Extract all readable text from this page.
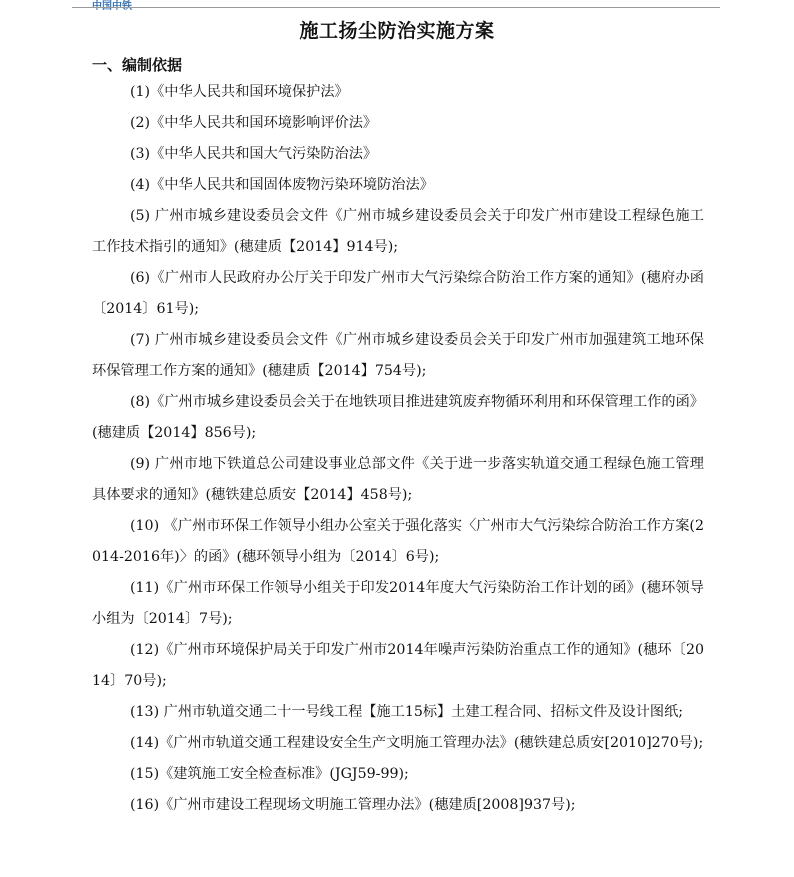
中国中铁
施工扬尘防治实施方案
一、编制依据
(1)《中华人民共和国环境保护法》
(2)《中华人民共和国环境影响评价法》
(3)《中华人民共和国大气污染防治法》
(4)《中华人民共和国固体废物污染环境防治法》
(5) 广州市城乡建设委员会文件《广州市城乡建设委员会关于印发广州市建设工程绿色施工工作技术指引的通知》(穗建质【2014】914号);
(6)《广州市人民政府办公厅关于印发广州市大气污染综合防治工作方案的通知》(穗府办函〔2014〕61号);
(7) 广州市城乡建设委员会文件《广州市城乡建设委员会关于印发广州市加强建筑工地环保环保管理工作方案的通知》(穗建质【2014】754号);
(8)《广州市城乡建设委员会关于在地铁项目推进建筑废弃物循环利用和环保管理工作的函》(穗建质【2014】856号);
(9) 广州市地下铁道总公司建设事业总部文件《关于进一步落实轨道交通工程绿色施工管理具体要求的通知》(穗铁建总质安【2014】458号);
(10) 《广州市环保工作领导小组办公室关于强化落实〈广州市大气污染综合防治工作方案(2014-2016年)〉的函》(穗环领导小组为〔2014〕6号);
(11)《广州市环保工作领导小组关于印发2014年度大气污染防治工作计划的函》(穗环领导小组为〔2014〕7号);
(12)《广州市环境保护局关于印发广州市2014年噪声污染防治重点工作的通知》(穗环〔2014〕70号);
(13) 广州市轨道交通二十一号线工程【施工15标】土建工程合同、招标文件及设计图纸;
(14)《广州市轨道交通工程建设安全生产文明施工管理办法》(穗铁建总质安[2010]270号);
(15)《建筑施工安全检查标准》(JGJ59-99);
(16)《广州市建设工程现场文明施工管理办法》(穗建质[2008]937号);
